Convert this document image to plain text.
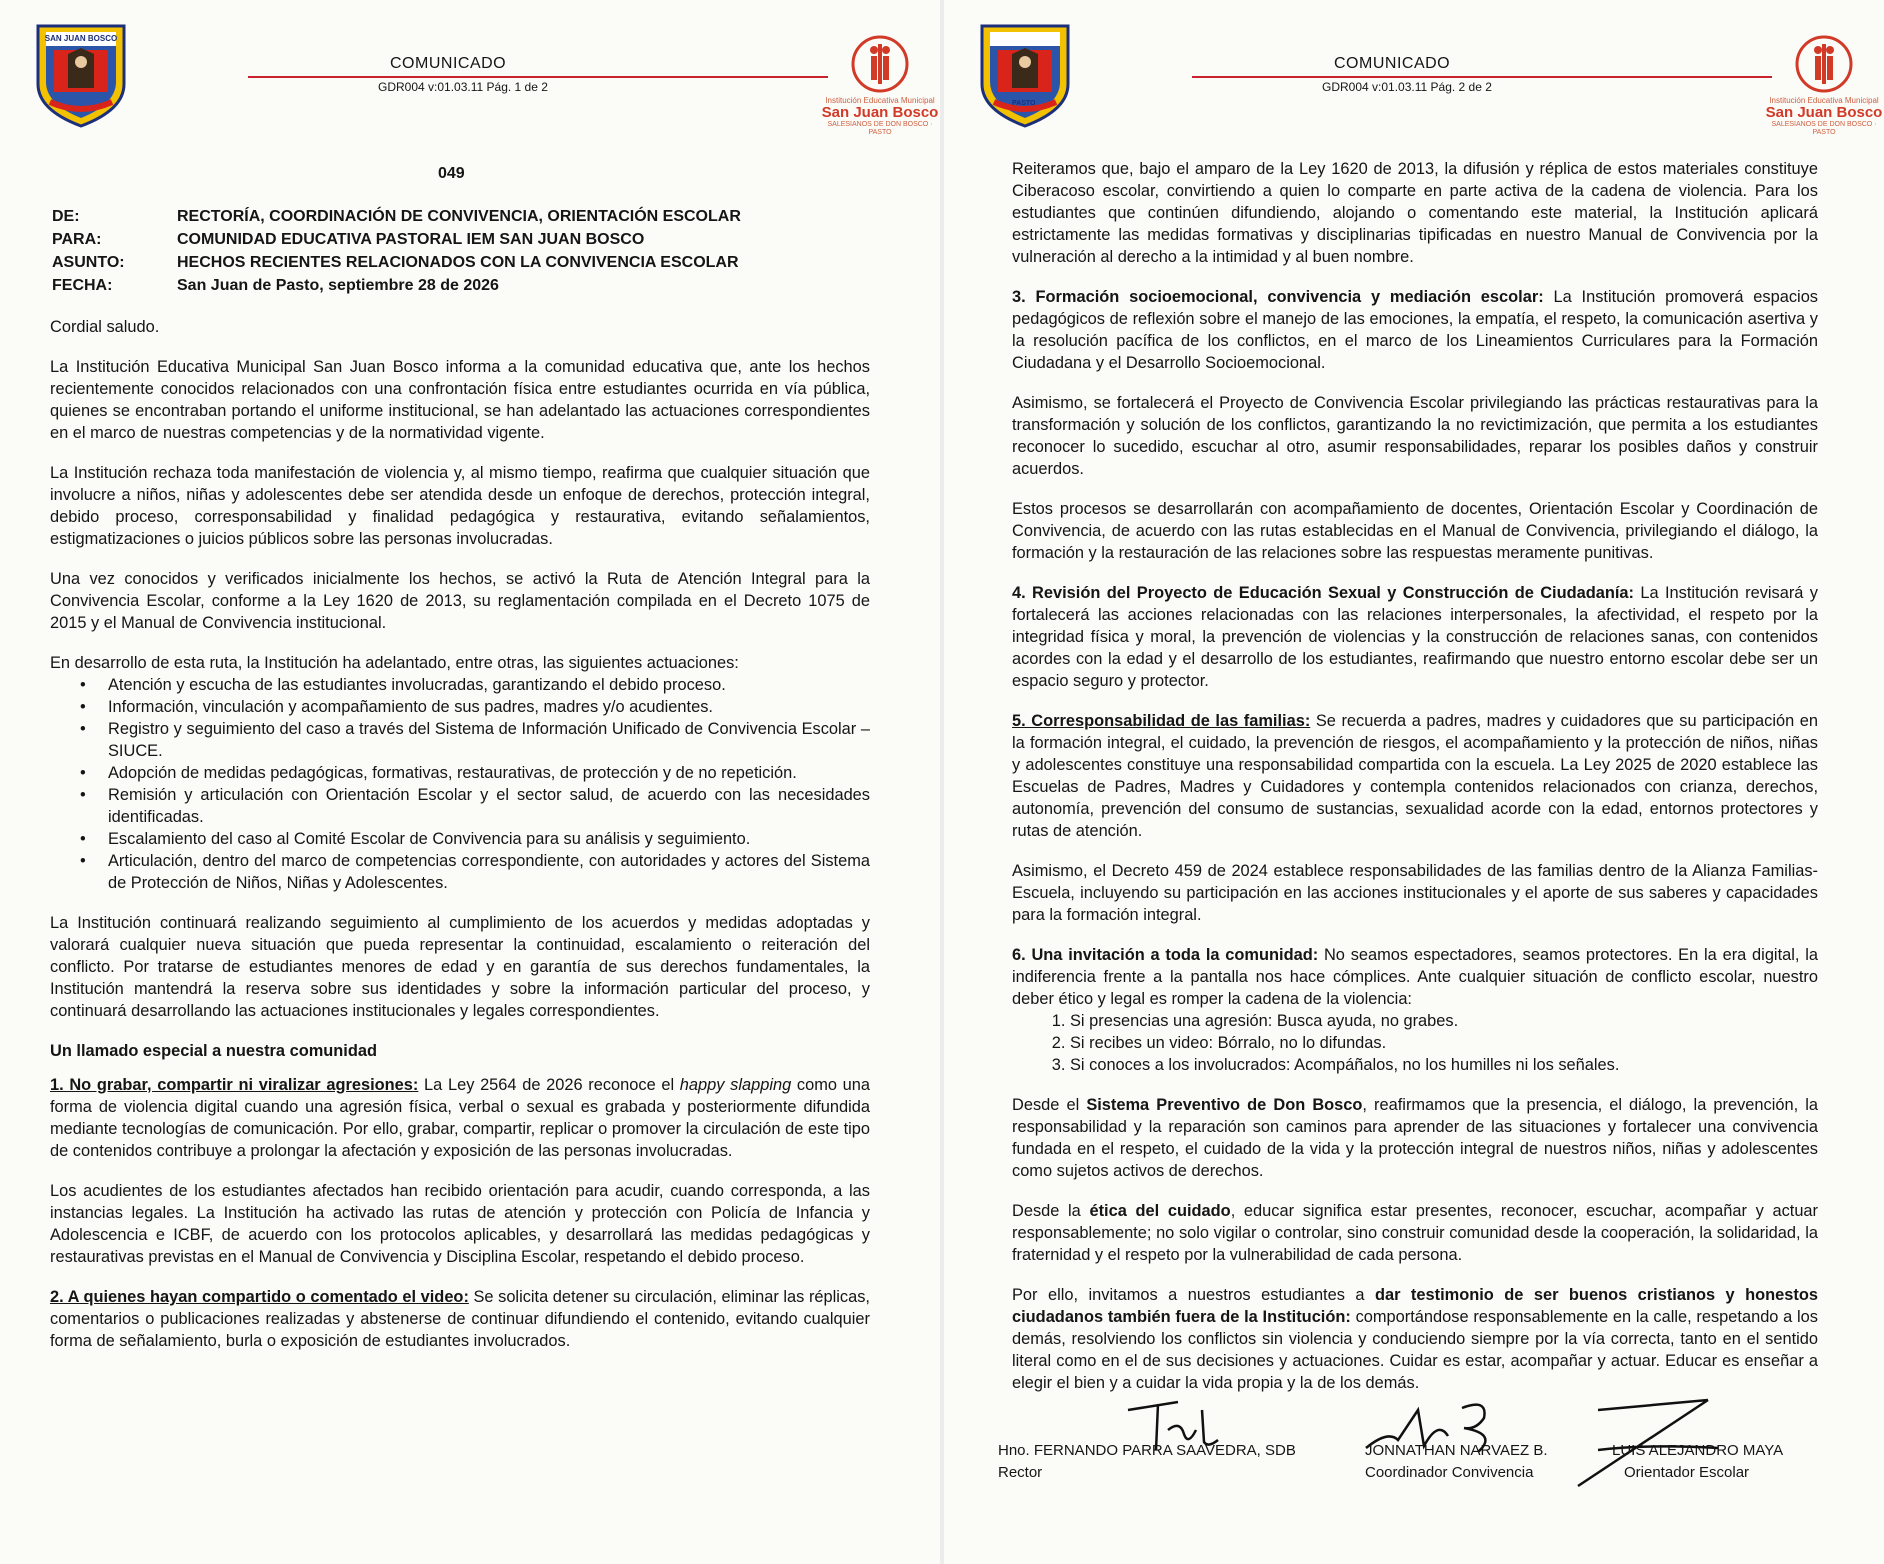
SAN JUAN BOSCO
Institución Educativa Municipal
San Juan Bosco
SALESIANOS DE DON BOSCO · PASTO
COMUNICADO
GDR004 v:01.03.11 Pág. 1 de 2
049
DE:	RECTORÍA, COORDINACIÓN DE CONVIVENCIA, ORIENTACIÓN ESCOLAR
PARA:	COMUNIDAD EDUCATIVA PASTORAL IEM SAN JUAN BOSCO
ASUNTO:	HECHOS RECIENTES RELACIONADOS CON LA CONVIVENCIA ESCOLAR
FECHA:	San Juan de Pasto, septiembre 28 de 2026

Cordial saludo.

La Institución Educativa Municipal San Juan Bosco informa a la comunidad educativa que, ante los hechos recientemente conocidos relacionados con una confrontación física entre estudiantes ocurrida en vía pública, quienes se encontraban portando el uniforme institucional, se han adelantado las actuaciones correspondientes en el marco de nuestras competencias y de la normatividad vigente.

La Institución rechaza toda manifestación de violencia y, al mismo tiempo, reafirma que cualquier situación que involucre a niños, niñas y adolescentes debe ser atendida desde un enfoque de derechos, protección integral, debido proceso, corresponsabilidad y finalidad pedagógica y restaurativa, evitando señalamientos, estigmatizaciones o juicios públicos sobre las personas involucradas.

Una vez conocidos y verificados inicialmente los hechos, se activó la Ruta de Atención Integral para la Convivencia Escolar, conforme a la Ley 1620 de 2013, su reglamentación compilada en el Decreto 1075 de 2015 y el Manual de Convivencia institucional.

En desarrollo de esta ruta, la Institución ha adelantado, entre otras, las siguientes actuaciones:

• Atención y escucha de las estudiantes involucradas, garantizando el debido proceso.
• Información, vinculación y acompañamiento de sus padres, madres y/o acudientes.
• Registro y seguimiento del caso a través del Sistema de Información Unificado de Convivencia Escolar – SIUCE.
• Adopción de medidas pedagógicas, formativas, restaurativas, de protección y de no repetición.
• Remisión y articulación con Orientación Escolar y el sector salud, de acuerdo con las necesidades identificadas.
• Escalamiento del caso al Comité Escolar de Convivencia para su análisis y seguimiento.
• Articulación, dentro del marco de competencias correspondiente, con autoridades y actores del Sistema de Protección de Niños, Niñas y Adolescentes.

La Institución continuará realizando seguimiento al cumplimiento de los acuerdos y medidas adoptadas y valorará cualquier nueva situación que pueda representar la continuidad, escalamiento o reiteración del conflicto. Por tratarse de estudiantes menores de edad y en garantía de sus derechos fundamentales, la Institución mantendrá la reserva sobre sus identidades y sobre la información particular del proceso, y continuará desarrollando las actuaciones institucionales y legales correspondientes.

Un llamado especial a nuestra comunidad

1. No grabar, compartir ni viralizar agresiones: La Ley 2564 de 2026 reconoce el happy slapping como una forma de violencia digital cuando una agresión física, verbal o sexual es grabada y posteriormente difundida mediante tecnologías de comunicación. Por ello, grabar, compartir, replicar o promover la circulación de este tipo de contenidos contribuye a prolongar la afectación y exposición de las personas involucradas.

Los acudientes de los estudiantes afectados han recibido orientación para acudir, cuando corresponda, a las instancias legales. La Institución ha activado las rutas de atención y protección con Policía de Infancia y Adolescencia e ICBF, de acuerdo con los protocolos aplicables, y desarrollará las medidas pedagógicas y restaurativas previstas en el Manual de Convivencia y Disciplina Escolar, respetando el debido proceso.

2. A quienes hayan compartido o comentado el video: Se solicita detener su circulación, eliminar las réplicas, comentarios o publicaciones realizadas y abstenerse de continuar difundiendo el contenido, evitando cualquier forma de señalamiento, burla o exposición de estudiantes involucrados.

PASTO	Institución Educativa Municipal
San Juan Bosco
SALESIANOS DE DON BOSCO · PASTO
COMUNICADO
GDR004 v:01.03.11 Pág. 2 de 2

Reiteramos que, bajo el amparo de la Ley 1620 de 2013, la difusión y réplica de estos materiales constituye Ciberacoso escolar, convirtiendo a quien lo comparte en parte activa de la cadena de violencia. Para los estudiantes que continúen difundiendo, alojando o comentando este material, la Institución aplicará estrictamente las medidas formativas y disciplinarias tipificadas en nuestro Manual de Convivencia por la vulneración al derecho a la intimidad y al buen nombre.

3. Formación socioemocional, convivencia y mediación escolar: La Institución promoverá espacios pedagógicos de reflexión sobre el manejo de las emociones, la empatía, el respeto, la comunicación asertiva y la resolución pacífica de los conflictos, en el marco de los Lineamientos Curriculares para la Formación Ciudadana y el Desarrollo Socioemocional.

Asimismo, se fortalecerá el Proyecto de Convivencia Escolar privilegiando las prácticas restaurativas para la transformación y solución de los conflictos, garantizando la no revictimización, que permita a los estudiantes reconocer lo sucedido, escuchar al otro, asumir responsabilidades, reparar los posibles daños y construir acuerdos.

Estos procesos se desarrollarán con acompañamiento de docentes, Orientación Escolar y Coordinación de Convivencia, de acuerdo con las rutas establecidas en el Manual de Convivencia, privilegiando el diálogo, la formación y la restauración de las relaciones sobre las respuestas meramente punitivas.

4. Revisión del Proyecto de Educación Sexual y Construcción de Ciudadanía: La Institución revisará y fortalecerá las acciones relacionadas con las relaciones interpersonales, la afectividad, el respeto por la integridad física y moral, la prevención de violencias y la construcción de relaciones sanas, con contenidos acordes con la edad y el desarrollo de los estudiantes, reafirmando que nuestro entorno escolar debe ser un espacio seguro y protector.

5. Corresponsabilidad de las familias: Se recuerda a padres, madres y cuidadores que su participación en la formación integral, el cuidado, la prevención de riesgos, el acompañamiento y la protección de niños, niñas y adolescentes constituye una responsabilidad compartida con la escuela. La Ley 2025 de 2020 establece las Escuelas de Padres, Madres y Cuidadores y contempla contenidos relacionados con crianza, derechos, autonomía, prevención del consumo de sustancias, sexualidad acorde con la edad, entornos protectores y rutas de atención.

Asimismo, el Decreto 459 de 2024 establece responsabilidades de las familias dentro de la Alianza Familias-Escuela, incluyendo su participación en las acciones institucionales y el aporte de sus saberes y capacidades para la formación integral.

6. Una invitación a toda la comunidad: No seamos espectadores, seamos protectores. En la era digital, la indiferencia frente a la pantalla nos hace cómplices. Ante cualquier situación de conflicto escolar, nuestro deber ético y legal es romper la cadena de la violencia:

1. Si presencias una agresión: Busca ayuda, no grabes.
2. Si recibes un video: Bórralo, no lo difundas.
3. Si conoces a los involucrados: Acompáñalos, no los humilles ni los señales.

Desde el Sistema Preventivo de Don Bosco, reafirmamos que la presencia, el diálogo, la prevención, la responsabilidad y la reparación son caminos para aprender de las situaciones y fortalecer una convivencia fundada en el respeto, el cuidado de la vida y la protección integral de nuestros niños, niñas y adolescentes como sujetos activos de derechos.

Desde la ética del cuidado, educar significa estar presentes, reconocer, escuchar, acompañar y actuar responsablemente; no solo vigilar o controlar, sino construir comunidad desde la cooperación, la solidaridad, la fraternidad y el respeto por la vulnerabilidad de cada persona.

Por ello, invitamos a nuestros estudiantes a dar testimonio de ser buenos cristianos y honestos ciudadanos también fuera de la Institución: comportándose responsablemente en la calle, respetando a los demás, resolviendo los conflictos sin violencia y conduciendo siempre por la vía correcta, tanto en el sentido literal como en el de sus decisiones y actuaciones. Cuidar es estar, acompañar y actuar. Educar es enseñar a elegir el bien y a cuidar la vida propia y la de los demás.

Hno. FERNANDO PARRA SAAVEDRA, SDB
Rector
JONNATHAN NARVAEZ B.
Coordinador Convivencia
LUIS ALEJANDRO MAYA
Orientador Escolar
